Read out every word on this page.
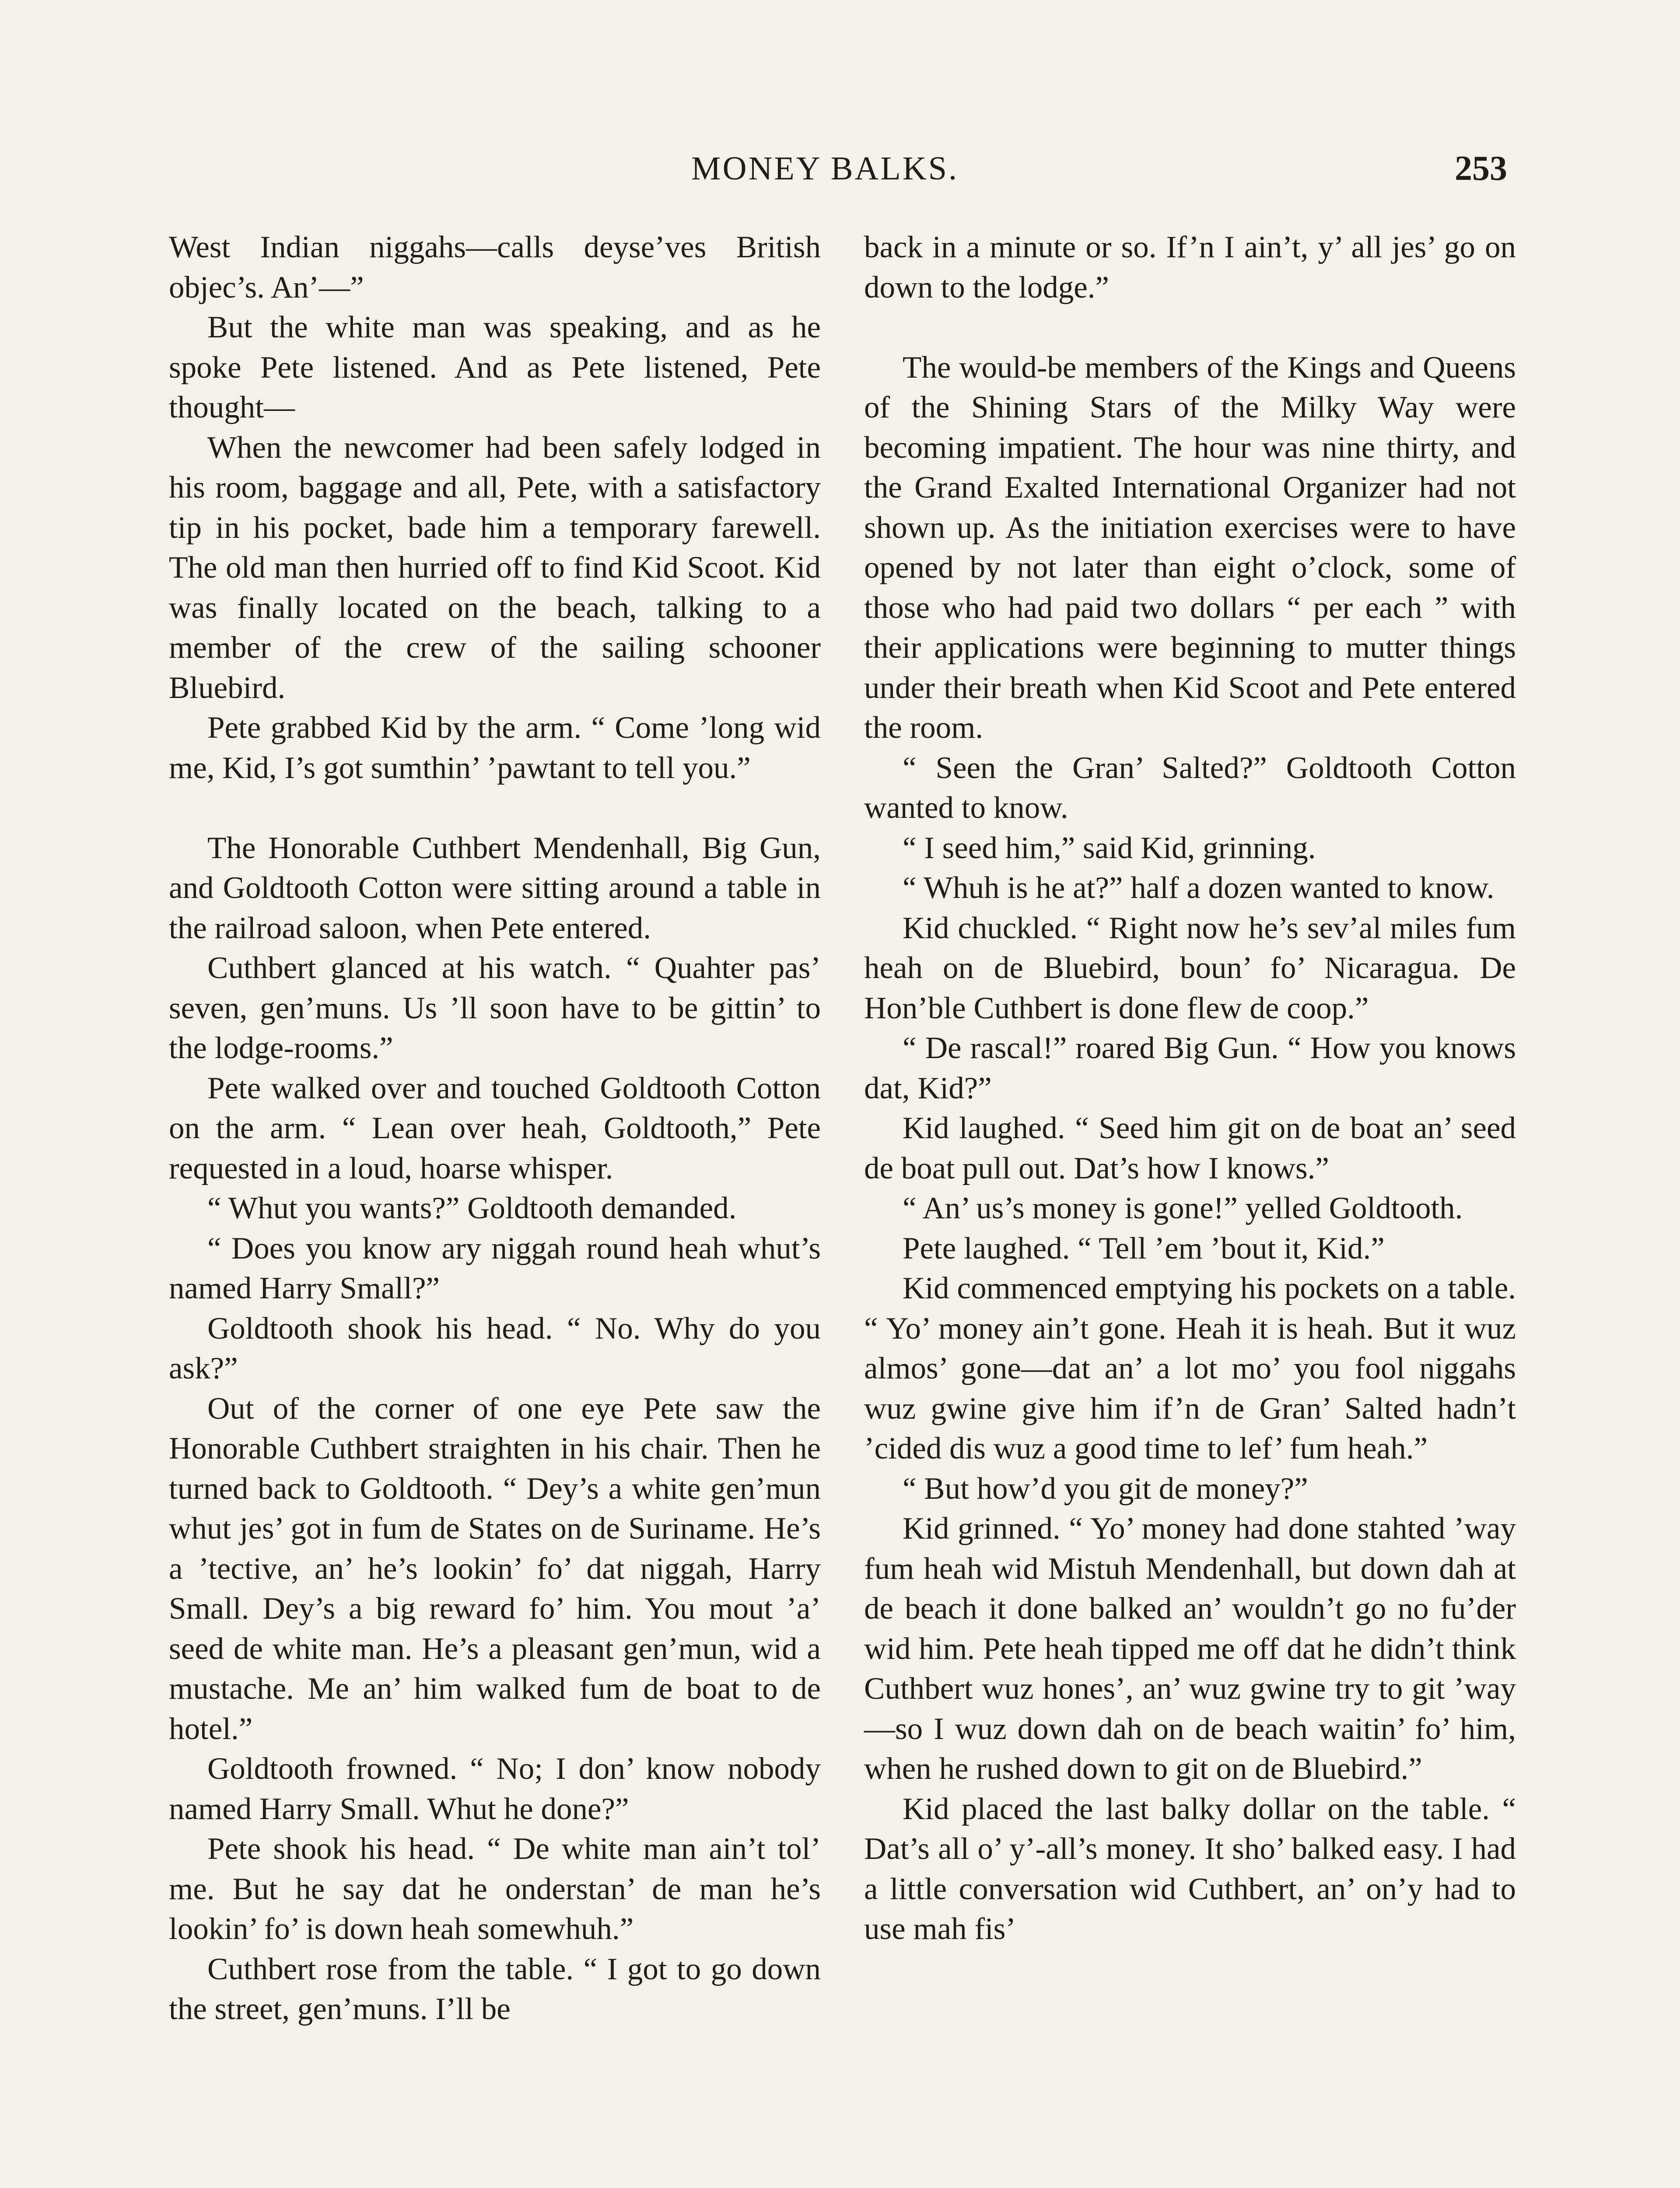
MONEY BALKS.	253

West Indian niggahs—calls deyse’ves British objec’s. An’—”

But the white man was speaking, and as he spoke Pete listened. And as Pete listened, Pete thought—

When the newcomer had been safely lodged in his room, baggage and all, Pete, with a satisfactory tip in his pocket, bade him a temporary farewell. The old man then hurried off to find Kid Scoot. Kid was finally located on the beach, talking to a member of the crew of the sailing schooner Bluebird.

Pete grabbed Kid by the arm. “ Come ’long wid me, Kid, I’s got sumthin’ ’pawtant to tell you.”

The Honorable Cuthbert Mendenhall, Big Gun, and Goldtooth Cotton were sitting around a table in the railroad saloon, when Pete entered.

Cuthbert glanced at his watch. “ Quahter pas’ seven, gen’muns. Us ’ll soon have to be gittin’ to the lodge-rooms.”

Pete walked over and touched Goldtooth Cotton on the arm. “ Lean over heah, Goldtooth,” Pete requested in a loud, hoarse whisper.

“ Whut you wants?” Goldtooth demanded.

“ Does you know ary niggah round heah whut’s named Harry Small?”

Goldtooth shook his head. “ No. Why do you ask?”

Out of the corner of one eye Pete saw the Honorable Cuthbert straighten in his chair. Then he turned back to Goldtooth. “ Dey’s a white gen’mun whut jes’ got in fum de States on de Suriname. He’s a ’tective, an’ he’s lookin’ fo’ dat niggah, Harry Small. Dey’s a big reward fo’ him. You mout ’a’ seed de white man. He’s a pleasant gen’mun, wid a mustache. Me an’ him walked fum de boat to de hotel.”

Goldtooth frowned. “ No; I don’ know nobody named Harry Small. Whut he done?”

Pete shook his head. “ De white man ain’t tol’ me. But he say dat he onderstan’ de man he’s lookin’ fo’ is down heah somewhuh.”

Cuthbert rose from the table. “ I got to go down the street, gen’muns. I’ll be

back in a minute or so. If’n I ain’t, y’ all jes’ go on down to the lodge.”

The would-be members of the Kings and Queens of the Shining Stars of the Milky Way were becoming impatient. The hour was nine thirty, and the Grand Exalted International Organizer had not shown up. As the initiation exercises were to have opened by not later than eight o’clock, some of those who had paid two dollars “ per each ” with their applications were beginning to mutter things under their breath when Kid Scoot and Pete entered the room.

“ Seen the Gran’ Salted?” Goldtooth Cotton wanted to know.

“ I seed him,” said Kid, grinning.

“ Whuh is he at?” half a dozen wanted to know.

Kid chuckled. “ Right now he’s sev’al miles fum heah on de Bluebird, boun’ fo’ Nicaragua. De Hon’ble Cuthbert is done flew de coop.”

“ De rascal!” roared Big Gun. “ How you knows dat, Kid?”

Kid laughed. “ Seed him git on de boat an’ seed de boat pull out. Dat’s how I knows.”

“ An’ us’s money is gone!” yelled Goldtooth.

Pete laughed. “ Tell ’em ’bout it, Kid.”

Kid commenced emptying his pockets on a table. “ Yo’ money ain’t gone. Heah it is heah. But it wuz almos’ gone—dat an’ a lot mo’ you fool niggahs wuz gwine give him if’n de Gran’ Salted hadn’t ’cided dis wuz a good time to lef’ fum heah.”

“ But how’d you git de money?”

Kid grinned. “ Yo’ money had done stahted ’way fum heah wid Mistuh Mendenhall, but down dah at de beach it done balked an’ wouldn’t go no fu’der wid him. Pete heah tipped me off dat he didn’t think Cuthbert wuz hones’, an’ wuz gwine try to git ’way—so I wuz down dah on de beach waitin’ fo’ him, when he rushed down to git on de Bluebird.”

Kid placed the last balky dollar on the table. “ Dat’s all o’ y’-all’s money. It sho’ balked easy. I had a little conversation wid Cuthbert, an’ on’y had to use mah fis’
